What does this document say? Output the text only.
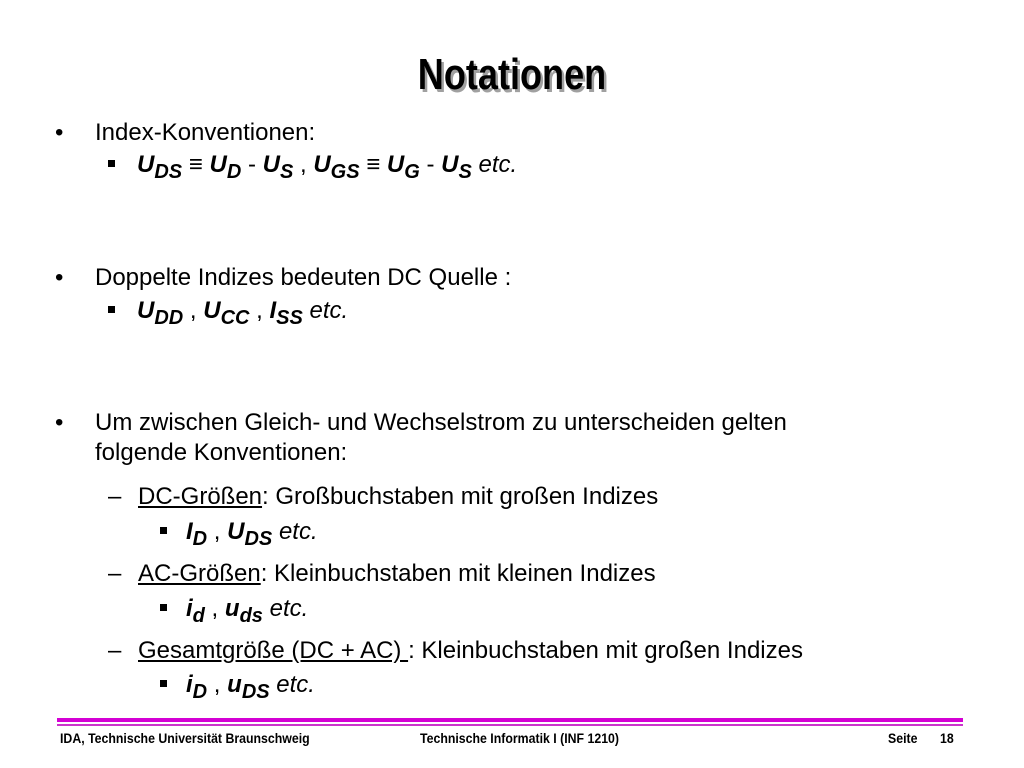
Notationen
• Index-Konventionen:
$U_{DS} \equiv U_D - U_S$ , $U_{GS} \equiv U_G - U_S$ etc.
• Doppelte Indizes bedeuten DC Quelle :
$U_{DD}$ , $U_{CC}$ , $I_{SS}$ etc.
• Um zwischen Gleich- und Wechselstrom zu unterscheiden gelten
folgende Konventionen:
– DC-Größen: Großbuchstaben mit großen Indizes
$I_D$ , $U_{DS}$ etc.
– AC-Größen: Kleinbuchstaben mit kleinen Indizes
$i_d$ , $u_{ds}$ etc.
– Gesamtgröße (DC + AC) : Kleinbuchstaben mit großen Indizes
$i_D$ , $u_{DS}$ etc.
IDA, Technische Universität Braunschweig	Technische Informatik I (INF 1210)	Seite 18
